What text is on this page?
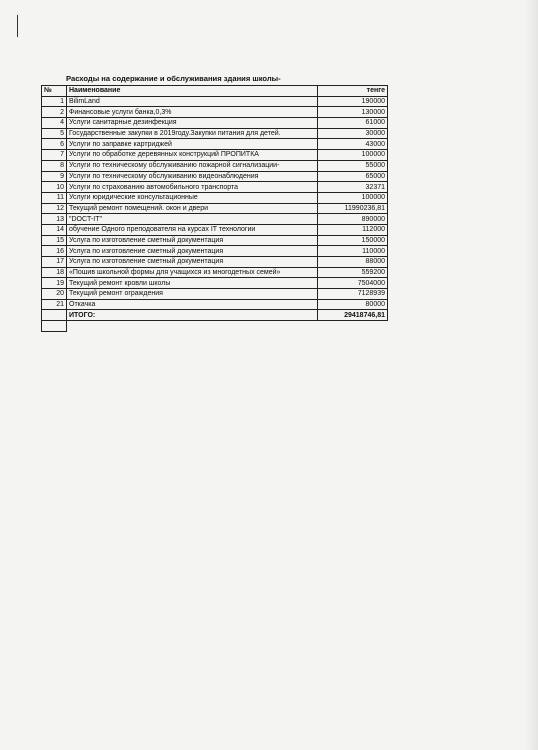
Расходы на содержание и обслуживания здания школы-
№	Наименование	тенге
1	BilimLand	190000
2	Финансовые услуги банка,0,3%	130000
4	Услуги санитарные дезинфекция	61000
5	Государственные закупки в 2019году.Закупки питания для детей.	30000
6	Услуги по заправке картриджей	43000
7	Услуги по обработке деревянных конструкций ПРОПИТКА	100000
8	Услуги по техническому обслуживанию пожарной сигнализации-	55000
9	Услуги по техническому обслуживанию видеонаблюдения	65000
10	Услуги по страхованию автомобильного транспорта	32371
11	Услуги юридические консультационные	100000
12	Текущий ремонт помещений. окон и двери	11990236,81
13	"DOCT-IT"	890000
14	обучение Одного преподователя на курсах IT технологии	112000
15	Услуга по изготовление сметный документация	150000
16	Услуга по изготовление сметный документация	110000
17	Услуга по изготовление сметный документация	88000
18	«Пошив школьной формы для учащихся из многодетных семей»	559200
19	Текущий ремонт кровли школы	7504000
20	Текущий ремонт ограждения	7128939
21	Откачка	80000
	ИТОГО:	29418746,81
